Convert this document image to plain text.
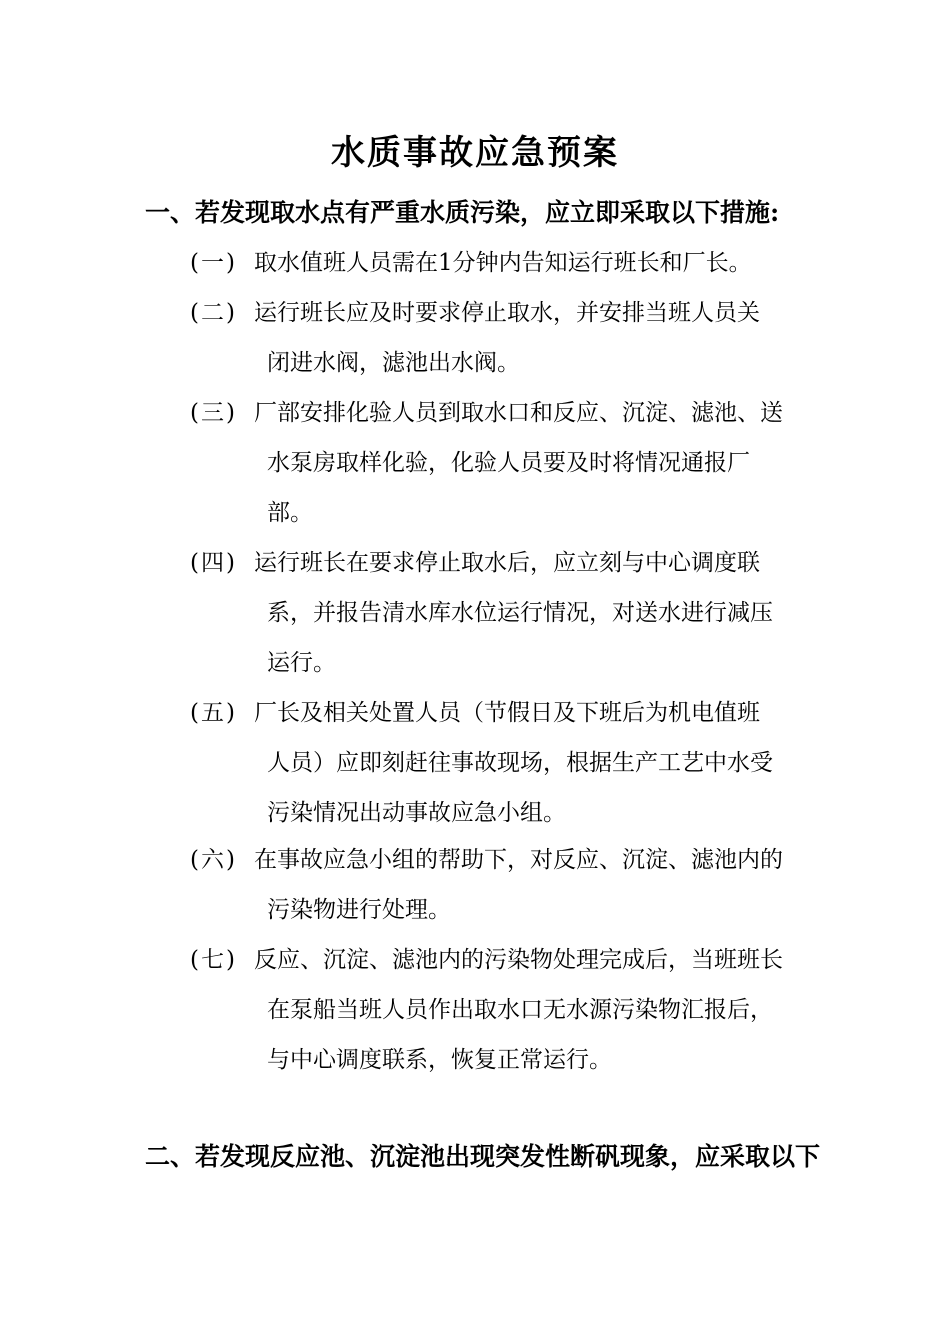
水质事故应急预案
一、若发现取水点有严重水质污染，应立即采取以下措施:
(一) 取水值班人员需在1分钟内告知运行班长和厂长。
(二) 运行班长应及时要求停止取水，并安排当班人员关
闭进水阀，滤池出水阀。
(三) 厂部安排化验人员到取水口和反应、沉淀、滤池、送
水泵房取样化验，化验人员要及时将情况通报厂
部。
(四) 运行班长在要求停止取水后，应立刻与中心调度联
系，并报告清水库水位运行情况，对送水进行减压
运行。
(五) 厂长及相关处置人员（节假日及下班后为机电值班
人员）应即刻赶往事故现场，根据生产工艺中水受
污染情况出动事故应急小组。
(六) 在事故应急小组的帮助下，对反应、沉淀、滤池内的
污染物进行处理。
(七) 反应、沉淀、滤池内的污染物处理完成后，当班班长
在泵船当班人员作出取水口无水源污染物汇报后，
与中心调度联系，恢复正常运行。
二、若发现反应池、沉淀池出现突发性断矾现象，应采取以下
